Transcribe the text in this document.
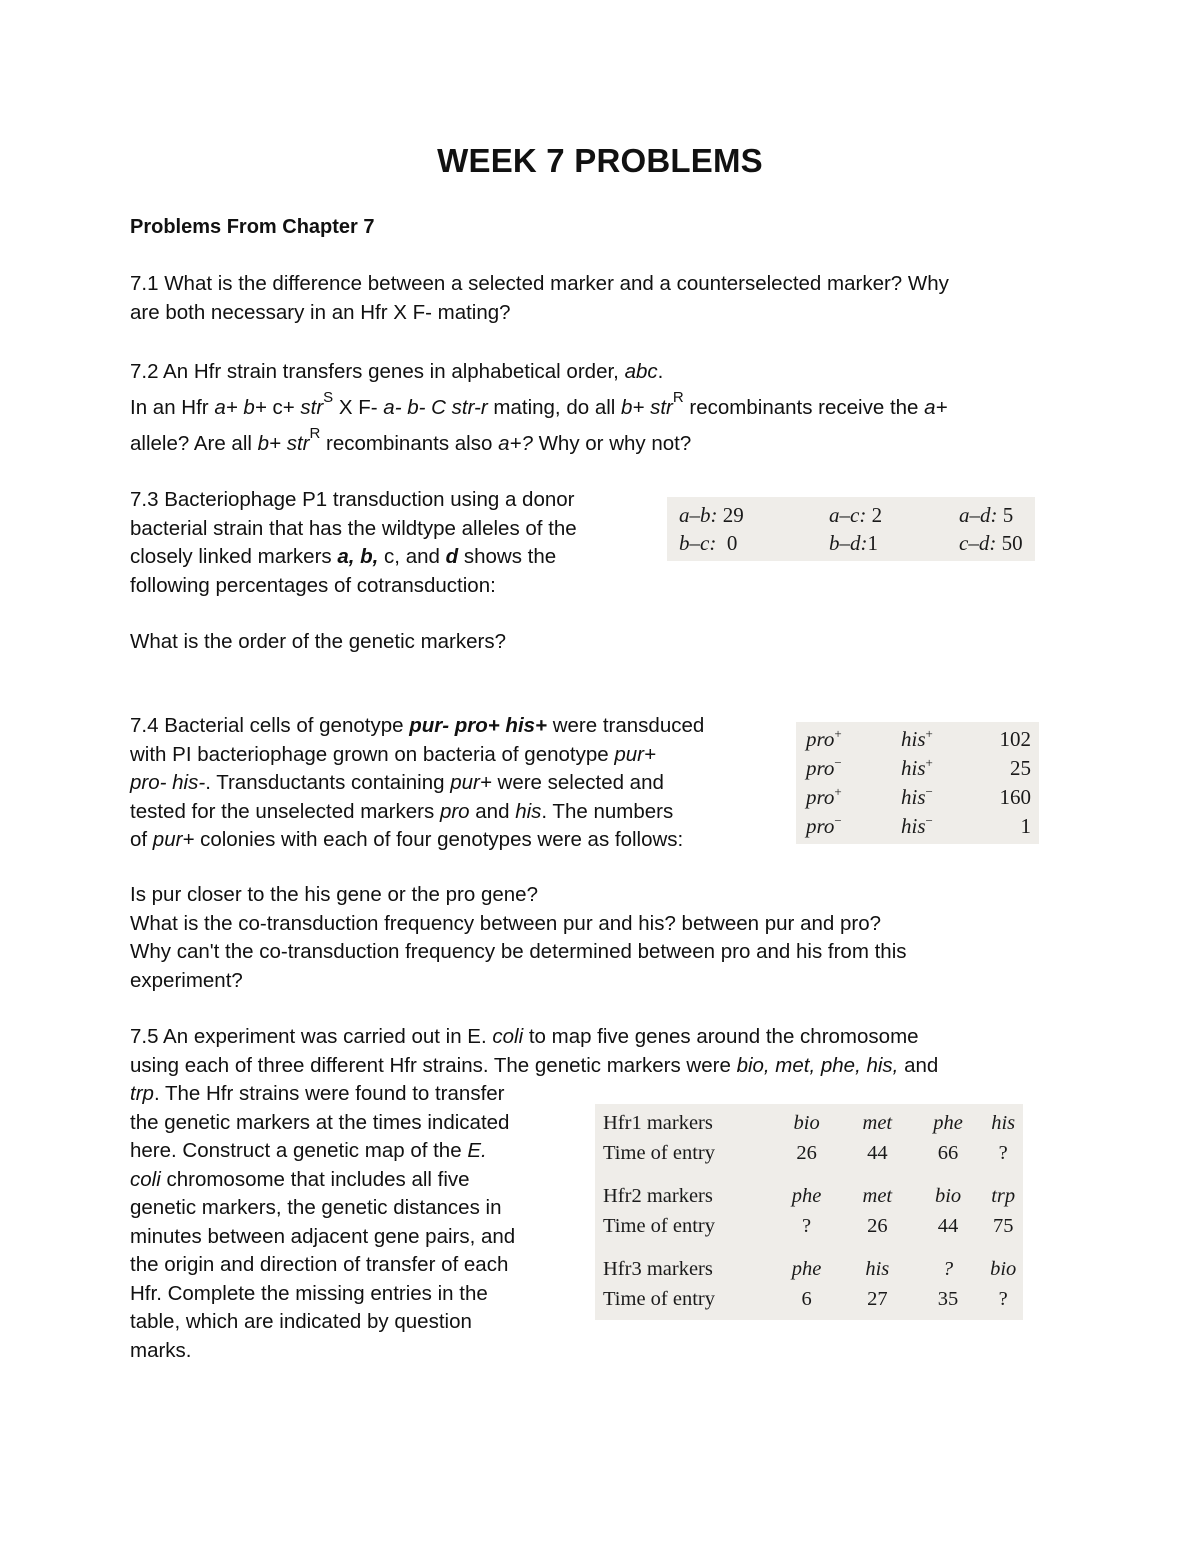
WEEK 7 PROBLEMS
Problems From Chapter 7
7.1 What is the difference between a selected marker and a counterselected marker? Why
are both necessary in an Hfr X F- mating?
7.2 An Hfr strain transfers genes in alphabetical order, abc.
In an Hfr a+ b+ c+ str$^S$ X F- a- b- C str-r mating, do all b+ str$^R$ recombinants receive the a+
allele? Are all b+ str$^R$ recombinants also a+? Why or why not?
7.3 Bacteriophage P1 transduction using a donor
bacterial strain that has the wildtype alleles of the
closely linked markers a, b, c, and d shows the
following percentages of cotransduction:
What is the order of the genetic markers?
a–b: 29	a–c: 2	a–d: 5
b–c: 0	b–d:1	c–d: 50
7.4 Bacterial cells of genotype pur- pro+ his+ were transduced
with PI bacteriophage grown on bacteria of genotype pur+
pro- his-. Transductants containing pur+ were selected and
tested for the unselected markers pro and his. The numbers
of pur+ colonies with each of four genotypes were as follows:
Is pur closer to the his gene or the pro gene?
What is the co-transduction frequency between pur and his? between pur and pro?
Why can't the co-transduction frequency be determined between pro and his from this
experiment?
pro+	his+	102
pro−	his+	25
pro+	his−	160
pro−	his−	1
7.5 An experiment was carried out in E. coli to map five genes around the chromosome
using each of three different Hfr strains. The genetic markers were bio, met, phe, his, and
trp. The Hfr strains were found to transfer
the genetic markers at the times indicated
here. Construct a genetic map of the E.
coli chromosome that includes all five
genetic markers, the genetic distances in
minutes between adjacent gene pairs, and
the origin and direction of transfer of each
Hfr. Complete the missing entries in the
table, which are indicated by question
marks.
Hfr1 markers	bio	met	phe	his
Time of entry	26	44	66	?

Hfr2 markers	phe	met	bio	trp
Time of entry	?	26	44	75

Hfr3 markers	phe	his	?	bio
Time of entry	6	27	35	?
